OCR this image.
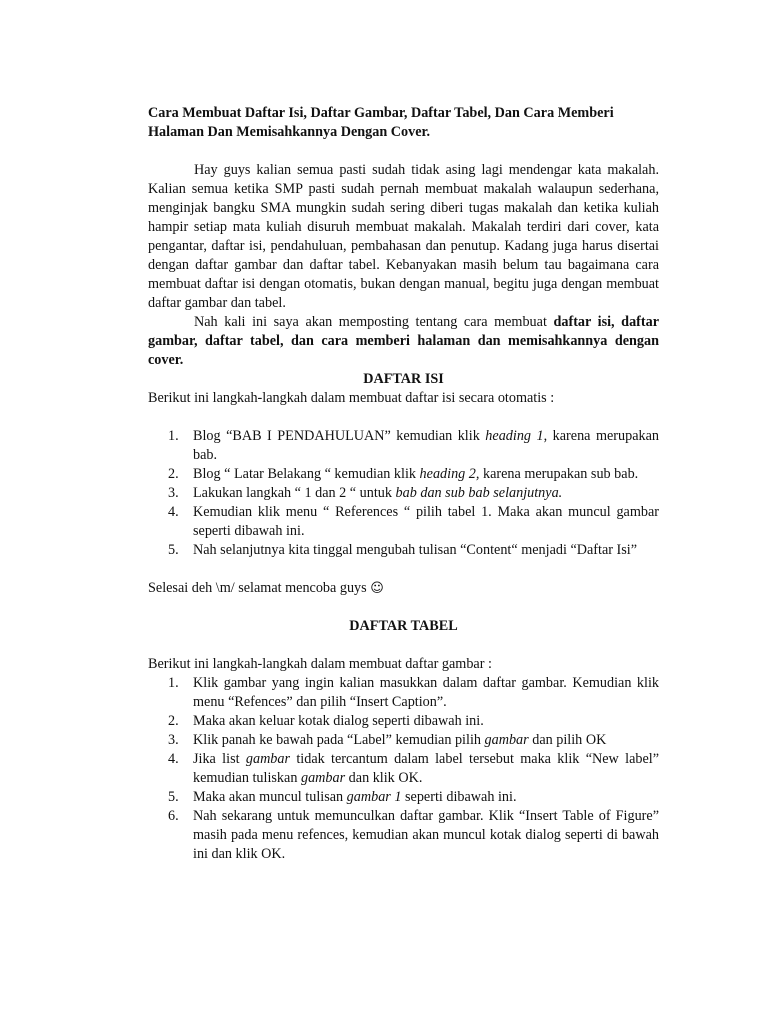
Cara Membuat Daftar Isi, Daftar Gambar, Daftar Tabel, Dan Cara Memberi Halaman Dan Memisahkannya Dengan Cover.

Hay guys kalian semua pasti sudah tidak asing lagi mendengar kata makalah. Kalian semua ketika SMP pasti sudah pernah membuat makalah walaupun sederhana, menginjak bangku SMA mungkin sudah sering diberi tugas makalah dan ketika kuliah hampir setiap mata kuliah disuruh membuat makalah. Makalah terdiri dari cover, kata pengantar, daftar isi, pendahuluan, pembahasan dan penutup. Kadang juga harus disertai dengan daftar gambar dan daftar tabel. Kebanyakan masih belum tau bagaimana cara membuat daftar isi dengan otomatis, bukan dengan manual, begitu juga dengan membuat daftar gambar dan tabel.

Nah kali ini saya akan memposting tentang cara membuat daftar isi, daftar gambar, daftar tabel, dan cara memberi halaman dan memisahkannya dengan cover.

DAFTAR ISI

Berikut ini langkah-langkah dalam membuat daftar isi secara otomatis :

1. Blog “BAB I PENDAHULUAN” kemudian klik heading 1, karena merupakan bab.
2. Blog “ Latar Belakang “ kemudian klik heading 2, karena merupakan sub bab.
3. Lakukan langkah “ 1 dan 2 “ untuk bab dan sub bab selanjutnya.
4. Kemudian klik menu “ References “ pilih tabel 1. Maka akan muncul gambar seperti dibawah ini.
5. Nah selanjutnya kita tinggal mengubah tulisan “Content“ menjadi “Daftar Isi”

Selesai deh \m/ selamat mencoba guys ☺

DAFTAR TABEL

Berikut ini langkah-langkah dalam membuat daftar gambar :

1. Klik gambar yang ingin kalian masukkan dalam daftar gambar. Kemudian klik menu “Refences” dan pilih “Insert Caption”.
2. Maka akan keluar kotak dialog seperti dibawah ini.
3. Klik panah ke bawah pada “Label” kemudian pilih gambar dan pilih OK
4. Jika list gambar tidak tercantum dalam label tersebut maka klik “New label” kemudian tuliskan gambar dan klik OK.
5. Maka akan muncul tulisan gambar 1 seperti dibawah ini.
6. Nah sekarang untuk memunculkan daftar gambar. Klik “Insert Table of Figure” masih pada menu refences, kemudian akan muncul kotak dialog seperti di bawah ini dan klik OK.
